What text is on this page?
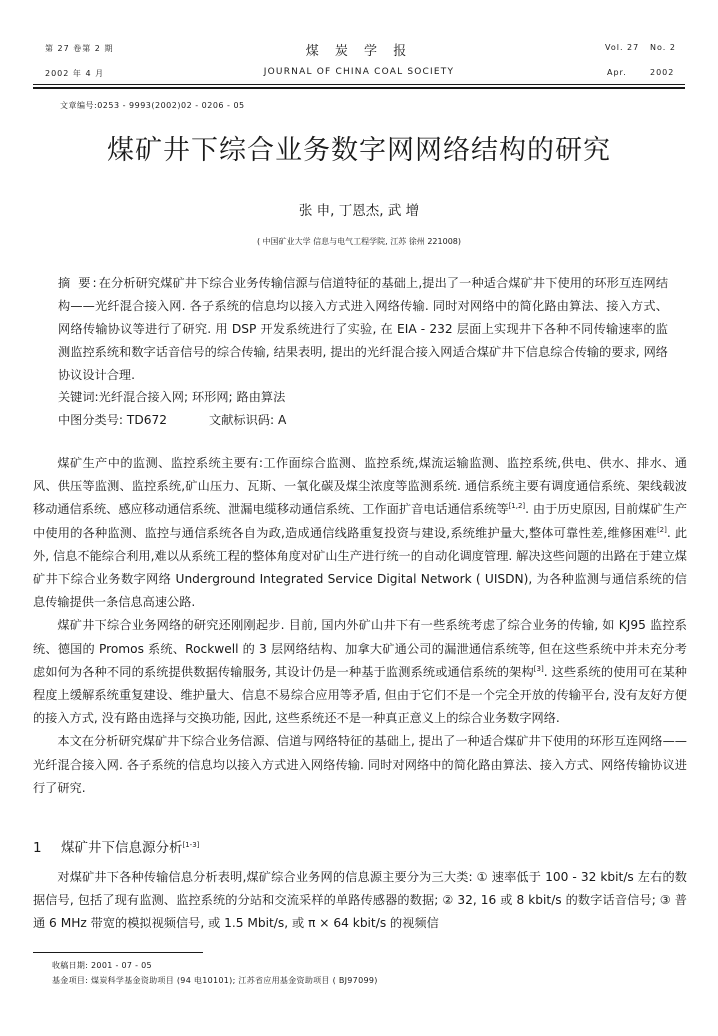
第 27 卷第 2 期
2002 年 4 月
煤 炭 学 报
JOURNAL OF CHINA COAL SOCIETY
Vol. 27 No. 2
Apr.	2002
文章编号:0253 - 9993(2002)02 - 0206 - 05
煤矿井下综合业务数字网网络结构的研究
张 申, 丁恩杰, 武 增
( 中国矿业大学 信息与电气工程学院, 江苏 徐州 221008)
摘 要:在分析研究煤矿井下综合业务传输信源与信道特征的基础上,提出了一种适合煤矿井下使用的环形互连网结构——光纤混合接入网. 各子系统的信息均以接入方式进入网络传输. 同时对网络中的简化路由算法、接入方式、网络传输协议等进行了研究. 用 DSP 开发系统进行了实验, 在 EIA - 232 层面上实现井下各种不同传输速率的监测监控系统和数字话音信号的综合传输, 结果表明, 提出的光纤混合接入网适合煤矿井下信息综合传输的要求, 网络协议设计合理.
关键词:光纤混合接入网; 环形网; 路由算法
中图分类号: TD672	文献标识码: A

煤矿生产中的监测、监控系统主要有:工作面综合监测、监控系统,煤流运输监测、监控系统,供电、供水、排水、通风、供压等监测、监控系统,矿山压力、瓦斯、一氧化碳及煤尘浓度等监测系统. 通信系统主要有调度通信系统、架线载波移动通信系统、感应移动通信系统、泄漏电缆移动通信系统、工作面扩音电话通信系统等[1,2]. 由于历史原因, 目前煤矿生产中使用的各种监测、监控与通信系统各自为政,造成通信线路重复投资与建设,系统维护量大,整体可靠性差,维修困难[2]. 此外, 信息不能综合利用,难以从系统工程的整体角度对矿山生产进行统一的自动化调度管理. 解决这些问题的出路在于建立煤矿井下综合业务数字网络 Underground Integrated Service Digital Network ( UISDN), 为各种监测与通信系统的信息传输提供一条信息高速公路.

煤矿井下综合业务网络的研究还刚刚起步. 目前, 国内外矿山井下有一些系统考虑了综合业务的传输, 如 KJ95 监控系统、德国的 Promos 系统、Rockwell 的 3 层网络结构、加拿大矿通公司的漏泄通信系统等, 但在这些系统中并未充分考虑如何为各种不同的系统提供数据传输服务, 其设计仍是一种基于监测系统或通信系统的架构[3]. 这些系统的使用可在某种程度上缓解系统重复建设、维护量大、信息不易综合应用等矛盾, 但由于它们不是一个完全开放的传输平台, 没有友好方便的接入方式, 没有路由选择与交换功能, 因此, 这些系统还不是一种真正意义上的综合业务数字网络.

本文在分析研究煤矿井下综合业务信源、信道与网络特征的基础上, 提出了一种适合煤矿井下使用的环形互连网络——光纤混合接入网. 各子系统的信息均以接入方式进入网络传输. 同时对网络中的简化路由算法、接入方式、网络传输协议进行了研究.

1 煤矿井下信息源分析[1-3]

对煤矿井下各种传输信息分析表明,煤矿综合业务网的信息源主要分为三大类: ① 速率低于 100 - 32 kbit/s 左右的数据信号, 包括了现有监测、监控系统的分站和交流采样的单路传感器的数据; ② 32, 16 或 8 kbit/s 的数字话音信号; ③ 普通 6 MHz 带宽的模拟视频信号, 或 1.5 Mbit/s, 或 π × 64 kbit/s 的视频信

收稿日期: 2001 - 07 - 05
基金项目: 煤炭科学基金资助项目 (94 电10101); 江苏省应用基金资助项目 ( BJ97099)
